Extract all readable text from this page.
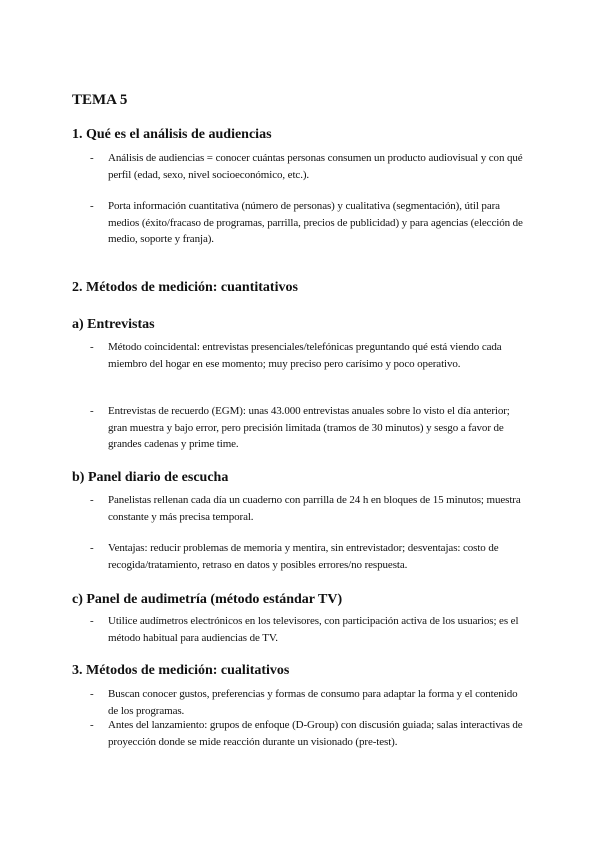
TEMA 5
1. Qué es el análisis de audiencias
-	Análisis de audiencias = conocer cuántas personas consumen un producto audiovisual y con qué perfil (edad, sexo, nivel socioeconómico, etc.).
-	Porta información cuantitativa (número de personas) y cualitativa (segmentación), útil para medios (éxito/fracaso de programas, parrilla, precios de publicidad) y para agencias (elección de medio, soporte y franja).
2. Métodos de medición: cuantitativos
a) Entrevistas
-	Método coincidental: entrevistas presenciales/telefónicas preguntando qué está viendo cada miembro del hogar en ese momento; muy preciso pero carísimo y poco operativo.
-	Entrevistas de recuerdo (EGM): unas 43.000 entrevistas anuales sobre lo visto el día anterior; gran muestra y bajo error, pero precisión limitada (tramos de 30 minutos) y sesgo a favor de grandes cadenas y prime time.
b) Panel diario de escucha
-	Panelistas rellenan cada día un cuaderno con parrilla de 24 h en bloques de 15 minutos; muestra constante y más precisa temporal.
-	Ventajas: reducir problemas de memoria y mentira, sin entrevistador; desventajas: costo de recogida/tratamiento, retraso en datos y posibles errores/no respuesta.
c) Panel de audimetría (método estándar TV)
-	Utilice audímetros electrónicos en los televisores, con participación activa de los usuarios; es el método habitual para audiencias de TV.
3. Métodos de medición: cualitativos
-	Buscan conocer gustos, preferencias y formas de consumo para adaptar la forma y el contenido de los programas.
-	Antes del lanzamiento: grupos de enfoque (D-Group) con discusión guiada; salas interactivas de proyección donde se mide reacción durante un visionado (pre-test).
